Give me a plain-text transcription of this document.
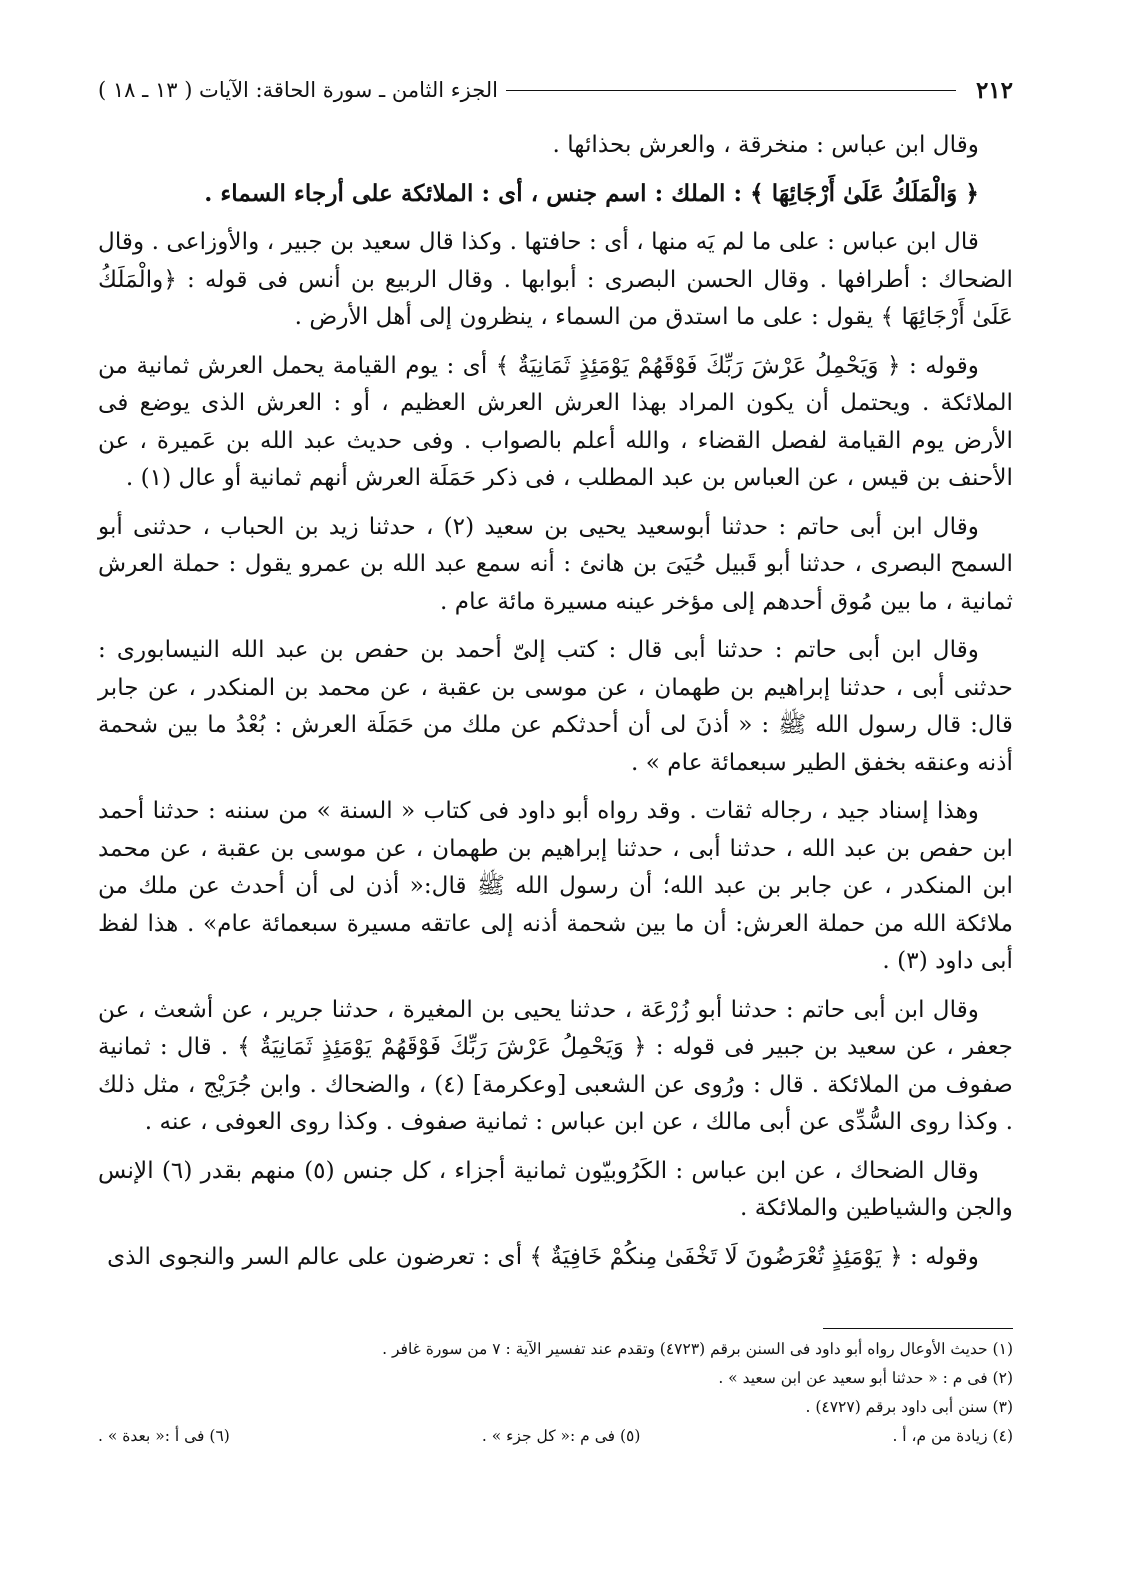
٢١٢
الجزء الثامن ـ سورة الحاقة: الآيات ( ١٣ ـ ١٨ )

وقال ابن عباس : منخرقة ، والعرش بحذائها .

﴿ وَالْمَلَكُ عَلَىٰ أَرْجَائِهَا ﴾ : الملك : اسم جنس ، أى : الملائكة على أرجاء السماء .

قال ابن عباس : على ما لم يَه منها ، أى : حافتها . وكذا قال سعيد بن جبير ، والأوزاعى . وقال الضحاك : أطرافها . وقال الحسن البصرى : أبوابها . وقال الربيع بن أنس فى قوله : ﴿والْمَلَكُ عَلَىٰ أَرْجَائِهَا ﴾ يقول : على ما استدق من السماء ، ينظرون إلى أهل الأرض .

وقوله : ﴿ وَيَحْمِلُ عَرْشَ رَبِّكَ فَوْقَهُمْ يَوْمَئِذٍ ثَمَانِيَةٌ ﴾ أى : يوم القيامة يحمل العرش ثمانية من الملائكة . ويحتمل أن يكون المراد بهذا العرش العرش العظيم ، أو : العرش الذى يوضع فى الأرض يوم القيامة لفصل القضاء ، والله أعلم بالصواب . وفى حديث عبد الله بن عَميرة ، عن الأحنف بن قيس ، عن العباس بن عبد المطلب ، فى ذكر حَمَلَة العرش أنهم ثمانية أو عال (١) .

وقال ابن أبى حاتم : حدثنا أبوسعيد يحيى بن سعيد (٢) ، حدثنا زيد بن الحباب ، حدثنى أبو السمح البصرى ، حدثنا أبو قَبيل حُيَىَ بن هانئ : أنه سمع عبد الله بن عمرو يقول : حملة العرش ثمانية ، ما بين مُوق أحدهم إلى مؤخر عينه مسيرة مائة عام .

وقال ابن أبى حاتم : حدثنا أبى قال : كتب إلىّ أحمد بن حفص بن عبد الله النيسابورى : حدثنى أبى ، حدثنا إبراهيم بن طهمان ، عن موسى بن عقبة ، عن محمد بن المنكدر ، عن جابر قال: قال رسول الله ﷺ : « أذنَ لى أن أحدثكم عن ملك من حَمَلَة العرش : بُعْدُ ما بين شحمة أذنه وعنقه بخفق الطير سبعمائة عام » .

وهذا إسناد جيد ، رجاله ثقات . وقد رواه أبو داود فى كتاب « السنة » من سننه : حدثنا أحمد ابن حفص بن عبد الله ، حدثنا أبى ، حدثنا إبراهيم بن طهمان ، عن موسى بن عقبة ، عن محمد ابن المنكدر ، عن جابر بن عبد الله؛ أن رسول الله ﷺ قال:« أذن لى أن أحدث عن ملك من ملائكة الله من حملة العرش: أن ما بين شحمة أذنه إلى عاتقه مسيرة سبعمائة عام» . هذا لفظ أبى داود (٣) .

وقال ابن أبى حاتم : حدثنا أبو زُرْعَة ، حدثنا يحيى بن المغيرة ، حدثنا جرير ، عن أشعث ، عن جعفر ، عن سعيد بن جبير فى قوله : ﴿ وَيَحْمِلُ عَرْشَ رَبِّكَ فَوْقَهُمْ يَوْمَئِذٍ ثَمَانِيَةٌ ﴾ . قال : ثمانية صفوف من الملائكة . قال : ورُوى عن الشعبى [وعكرمة] (٤) ، والضحاك . وابن جُرَيْج ، مثل ذلك . وكذا روى السُّدِّى عن أبى مالك ، عن ابن عباس : ثمانية صفوف . وكذا روى العوفى ، عنه .

وقال الضحاك ، عن ابن عباس : الكَرُوبيّون ثمانية أجزاء ، كل جنس (٥) منهم بقدر (٦) الإنس والجن والشياطين والملائكة .

وقوله : ﴿ يَوْمَئِذٍ تُعْرَضُونَ لَا تَخْفَىٰ مِنكُمْ خَافِيَةٌ ﴾ أى : تعرضون على عالم السر والنجوى الذى

(١) حديث الأوعال رواه أبو داود فى السنن برقم (٤٧٢٣) وتقدم عند تفسير الآية : ٧ من سورة غافر .

(٢) فى م : « حدثنا أبو سعيد عن ابن سعيد » .

(٣) سنن أبى داود برقم (٤٧٢٧) .

(٤) زيادة من م، أ .
(٥) فى م :« كل جزء » .
(٦) فى أ :« بعدة » .
